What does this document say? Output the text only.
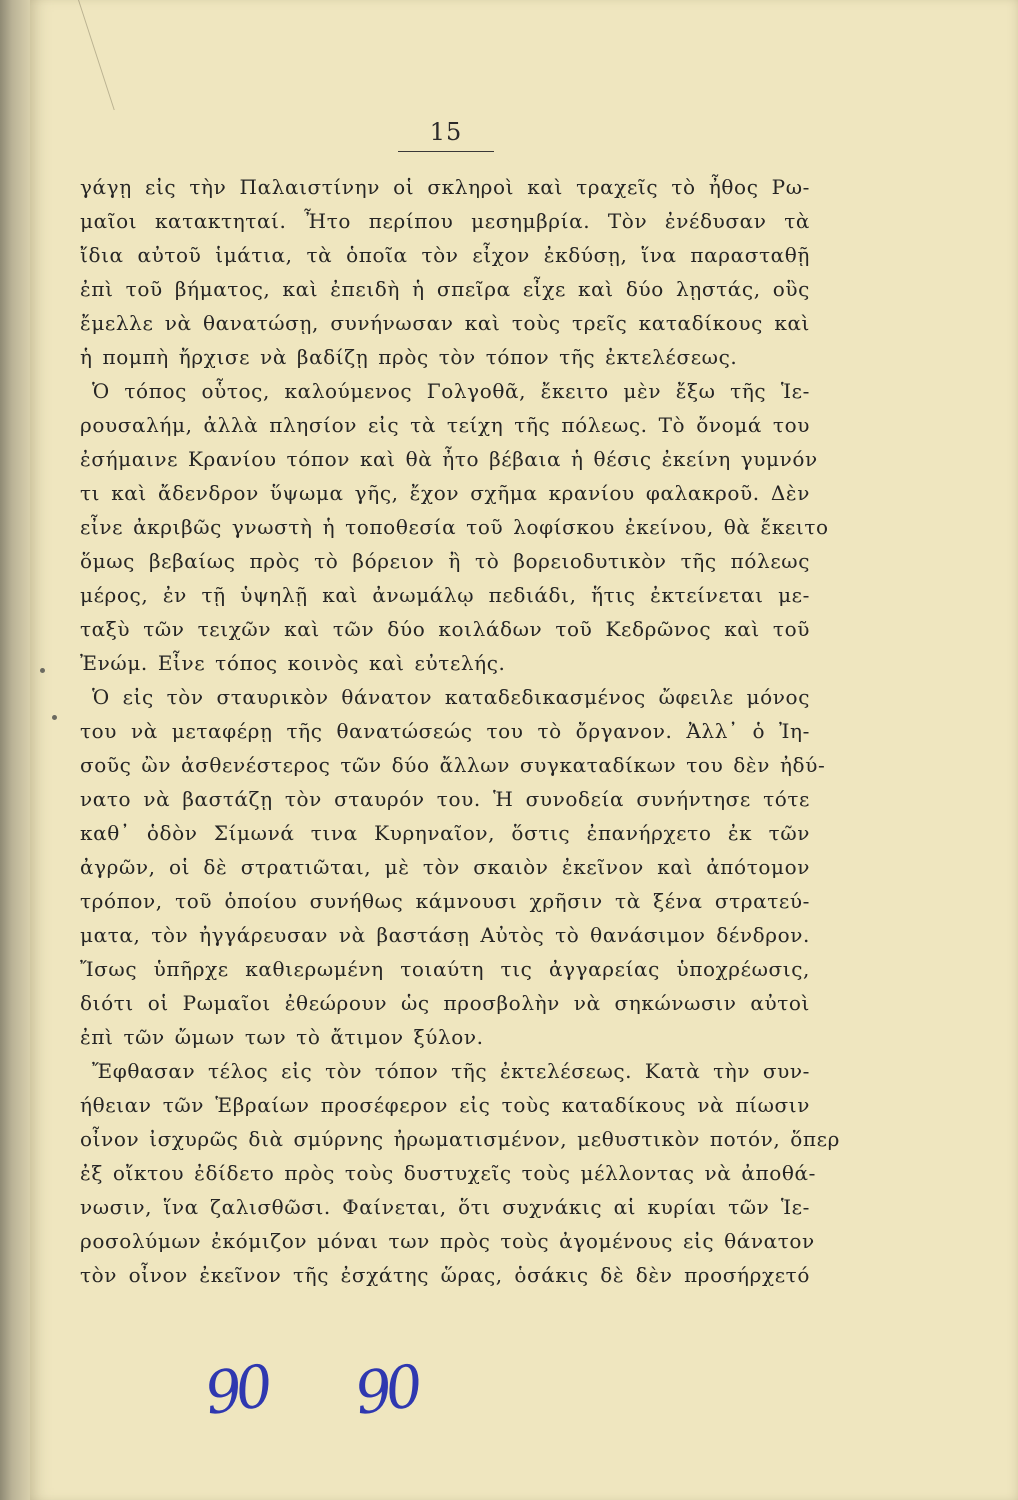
15
γάγῃ εἰς τὴν Παλαιστίνην οἱ σκληροὶ καὶ τραχεῖς τὸ ἦθος Ρω-
μαῖοι κατακτηταί. Ἦτο περίπου μεσημβρία. Τὸν ἐνέδυσαν τὰ
ἴδια αὐτοῦ ἱμάτια, τὰ ὁποῖα τὸν εἶχον ἐκδύσῃ, ἵνα παρασταθῇ
ἐπὶ τοῦ βήματος, καὶ ἐπειδὴ ἡ σπεῖρα εἶχε καὶ δύο λῃστάς, οὓς
ἔμελλε νὰ θανατώσῃ, συνήνωσαν καὶ τοὺς τρεῖς καταδίκους καὶ
ἡ πομπὴ ἤρχισε νὰ βαδίζῃ πρὸς τὸν τόπον τῆς ἐκτελέσεως.
Ὁ τόπος οὗτος, καλούμενος Γολγοθᾶ, ἔκειτο μὲν ἔξω τῆς Ἱε-
ρουσαλήμ, ἀλλὰ πλησίον εἰς τὰ τείχη τῆς πόλεως. Τὸ ὄνομά του
ἐσήμαινε Κρανίου τόπον καὶ θὰ ἦτο βέβαια ἡ θέσις ἐκείνη γυμνόν
τι καὶ ἄδενδρον ὕψωμα γῆς, ἔχον σχῆμα κρανίου φαλακροῦ. Δὲν
εἶνε ἀκριβῶς γνωστὴ ἡ τοποθεσία τοῦ λοφίσκου ἐκείνου, θὰ ἔκειτο
ὅμως βεβαίως πρὸς τὸ βόρειον ἢ τὸ βορειοδυτικὸν τῆς πόλεως
μέρος, ἐν τῇ ὑψηλῇ καὶ ἀνωμάλῳ πεδιάδι, ἥτις ἐκτείνεται με-
ταξὺ τῶν τειχῶν καὶ τῶν δύο κοιλάδων τοῦ Κεδρῶνος καὶ τοῦ
Ἐνώμ. Εἶνε τόπος κοινὸς καὶ εὐτελής.
Ὁ εἰς τὸν σταυρικὸν θάνατον καταδεδικασμένος ὤφειλε μόνος
του νὰ μεταφέρῃ τῆς θανατώσεώς του τὸ ὄργανον. Ἀλλ᾽ ὁ Ἰη-
σοῦς ὢν ἀσθενέστερος τῶν δύο ἄλλων συγκαταδίκων του δὲν ἠδύ-
νατο νὰ βαστάζῃ τὸν σταυρόν του. Ἡ συνοδεία συνήντησε τότε
καθ᾽ ὁδὸν Σίμωνά τινα Κυρηναῖον, ὅστις ἐπανήρχετο ἐκ τῶν
ἀγρῶν, οἱ δὲ στρατιῶται, μὲ τὸν σκαιὸν ἐκεῖνον καὶ ἀπότομον
τρόπον, τοῦ ὁποίου συνήθως κάμνουσι χρῆσιν τὰ ξένα στρατεύ-
ματα, τὸν ἠγγάρευσαν νὰ βαστάσῃ Αὐτὸς τὸ θανάσιμον δένδρον.
Ἴσως ὑπῆρχε καθιερωμένη τοιαύτη τις ἀγγαρείας ὑποχρέωσις,
διότι οἱ Ρωμαῖοι ἐθεώρουν ὡς προσβολὴν νὰ σηκώνωσιν αὐτοὶ
ἐπὶ τῶν ὤμων των τὸ ἄτιμον ξύλον.
Ἔφθασαν τέλος εἰς τὸν τόπον τῆς ἐκτελέσεως. Κατὰ τὴν συν-
ήθειαν τῶν Ἑβραίων προσέφερον εἰς τοὺς καταδίκους νὰ πίωσιν
οἶνον ἰσχυρῶς διὰ σμύρνης ἠρωματισμένον, μεθυστικὸν ποτόν, ὅπερ
ἐξ οἴκτου ἐδίδετο πρὸς τοὺς δυστυχεῖς τοὺς μέλλοντας νὰ ἀποθά-
νωσιν, ἵνα ζαλισθῶσι. Φαίνεται, ὅτι συχνάκις αἱ κυρίαι τῶν Ἱε-
ροσολύμων ἐκόμιζον μόναι των πρὸς τοὺς ἀγομένους εἰς θάνατον
τὸν οἶνον ἐκεῖνον τῆς ἐσχάτης ὥρας, ὁσάκις δὲ δὲν προσήρχετό
90 90
